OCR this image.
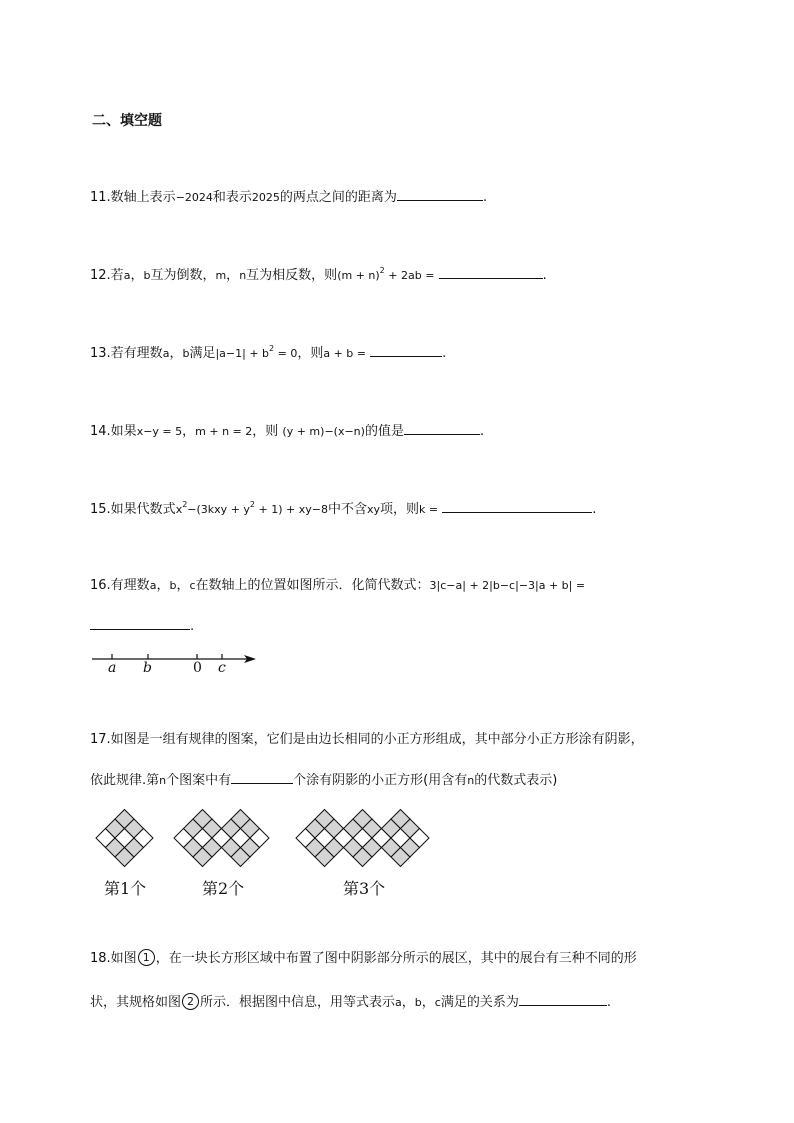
二、填空题
11.数轴上表示−2024和表示2025的两点之间的距离为	.
12.若a，b互为倒数，m，n互为相反数，则$(m + n)^2 + 2ab$ =	.
13.若有理数a，b满足$|a-1| + b^2 = 0$，则a + b =	.
14.如果x−y = 5，m + n = 2，则 (y + m)−(x−n)的值是	.
15.如果代数式$x^2-(3kxy + y^2 + 1) + xy-8$中不含xy项，则k =	.
16.有理数a，b，c在数轴上的位置如图所示．化简代数式：3|c−a| + 2|b−c|−3|a + b| =
.
a b	0 c
17.如图是一组有规律的图案，它们是由边长相同的小正方形组成，其中部分小正方形涂有阴影，
依此规律.第n个图案中有	个涂有阴影的小正方形(用含有n的代数式表示)
第1个	第2个	第3个
18.如图 1 ，在一块长方形区域中布置了图中阴影部分所示的展区，其中的展台有三种不同的形
状，其规格如图 2 所示．根据图中信息，用等式表示a，b，c满足的关系为	.
